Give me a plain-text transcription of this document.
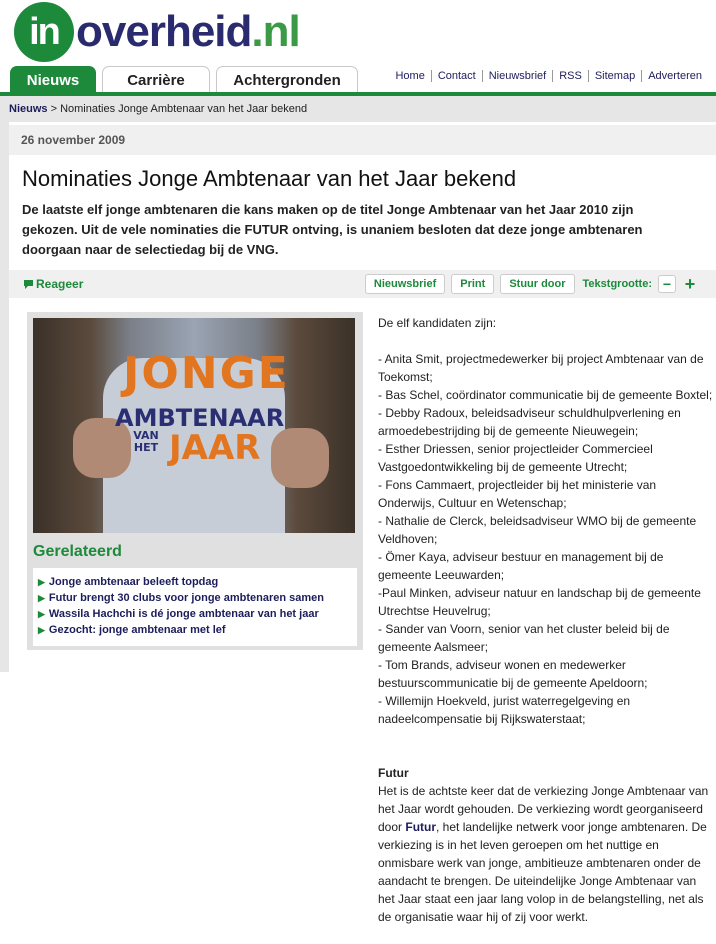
in overheid.nl
Nieuws	Carrière	Achtergronden	Home	Contact	Nieuwsbrief	RSS	Sitemap	Adverteren
Nieuws > Nominaties Jonge Ambtenaar van het Jaar bekend
26 november 2009
Nominaties Jonge Ambtenaar van het Jaar bekend

De laatste elf jonge ambtenaren die kans maken op de titel Jonge Ambtenaar van het Jaar 2010 zijn gekozen. Uit de vele nominaties die FUTUR ontving, is unaniem besloten dat deze jonge ambtenaren doorgaan naar de selectiedag bij de VNG.

Reageer	Nieuwsbrief	Print	Stuur door	Tekstgrootte: − +
JONGE
AMBTENAAR
VAN HET JAAR
Gerelateerd
▶ Jonge ambtenaar beleeft topdag
▶ Futur brengt 30 clubs voor jonge ambtenaren samen
▶ Wassila Hachchi is dé jonge ambtenaar van het jaar
▶ Gezocht: jonge ambtenaar met lef

De elf kandidaten zijn:

- Anita Smit, projectmedewerker bij project Ambtenaar van de Toekomst;

- Bas Schel, coördinator communicatie bij de gemeente Boxtel;

- Debby Radoux, beleidsadviseur schuldhulpverlening en armoedebestrijding bij de gemeente Nieuwegein;

- Esther Driessen, senior projectleider Commercieel Vastgoedontwikkeling bij de gemeente Utrecht;

- Fons Cammaert, projectleider bij het ministerie van Onderwijs, Cultuur en Wetenschap;

- Nathalie de Clerck, beleidsadviseur WMO bij de gemeente Veldhoven;

- Ömer Kaya, adviseur bestuur en management bij de gemeente Leeuwarden;

-Paul Minken, adviseur natuur en landschap bij de gemeente Utrechtse Heuvelrug;

- Sander van Voorn, senior van het cluster beleid bij de gemeente Aalsmeer;

- Tom Brands, adviseur wonen en medewerker bestuurscommunicatie bij de gemeente Apeldoorn;

- Willemijn Hoekveld, jurist waterregelgeving en nadeelcompensatie bij Rijkswaterstaat;

Futur

Het is de achtste keer dat de verkiezing Jonge Ambtenaar van het Jaar wordt gehouden. De verkiezing wordt georganiseerd door Futur, het landelijke netwerk voor jonge ambtenaren. De verkiezing is in het leven geroepen om het nuttige en onmisbare werk van jonge, ambitieuze ambtenaren onder de aandacht te brengen. De uiteindelijke Jonge Ambtenaar van het Jaar staat een jaar lang volop in de belangstelling, net als de organisatie waar hij of zij voor werkt.
